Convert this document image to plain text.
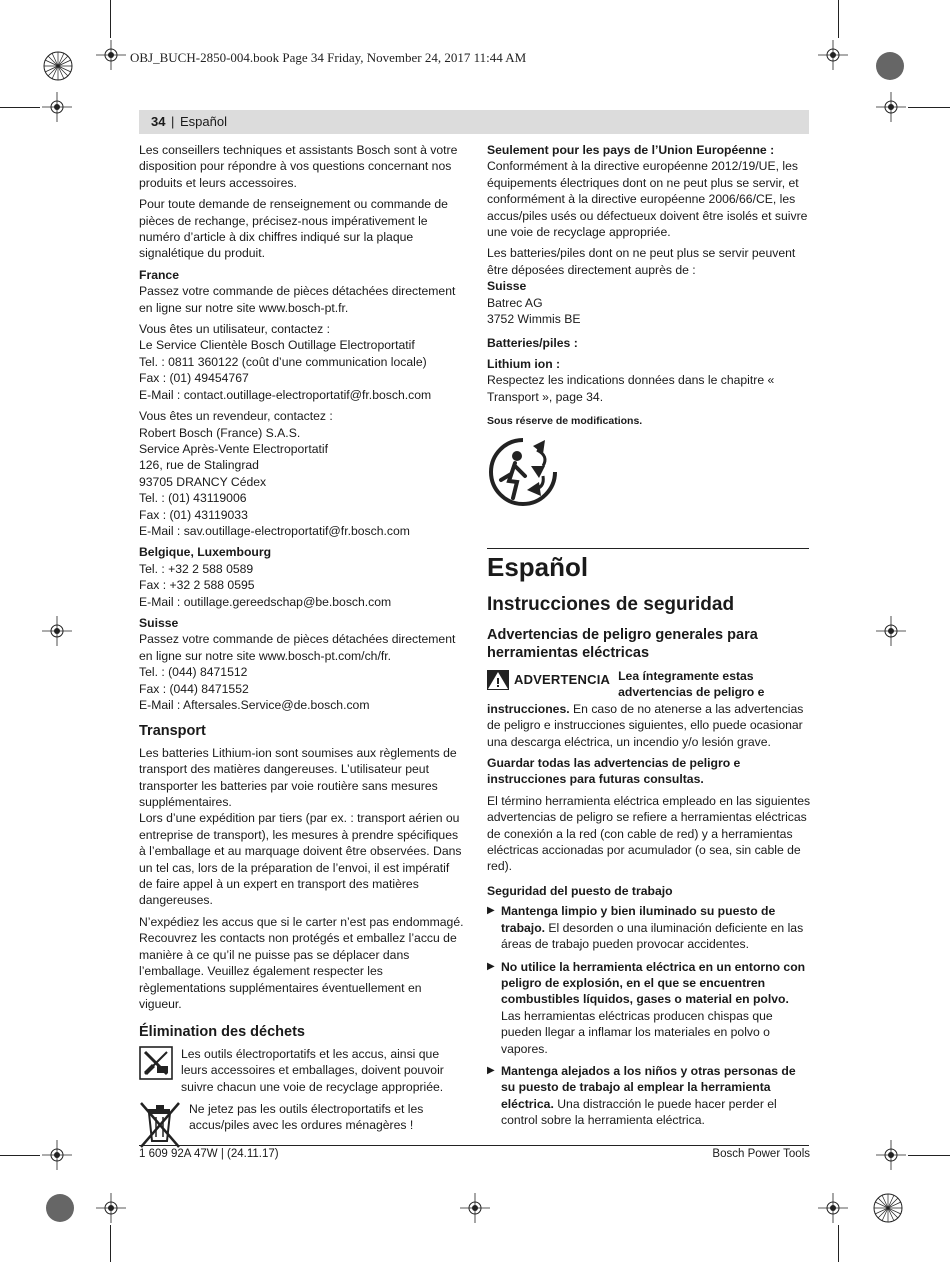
OBJ_BUCH-2850-004.book Page 34 Friday, November 24, 2017 11:44 AM
34 | Español

Les conseillers techniques et assistants Bosch sont à votre disposition pour répondre à vos questions concernant nos produits et leurs accessoires.

Pour toute demande de renseignement ou commande de pièces de rechange, précisez-nous impérativement le numéro d’article à dix chiffres indiqué sur la plaque signalétique du produit.

France

Passez votre commande de pièces détachées directement en ligne sur notre site www.bosch-pt.fr.

Vous êtes un utilisateur, contactez :
Le Service Clientèle Bosch Outillage Electroportatif
Tel. : 0811 360122 (coût d’une communication locale)
Fax : (01) 49454767
E-Mail : contact.outillage-electroportatif@fr.bosch.com

Vous êtes un revendeur, contactez :
Robert Bosch (France) S.A.S.
Service Après-Vente Electroportatif
126, rue de Stalingrad
93705 DRANCY Cédex
Tel. : (01) 43119006
Fax : (01) 43119033
E-Mail : sav.outillage-electroportatif@fr.bosch.com

Belgique, Luxembourg

Tel. : +32 2 588 0589
Fax : +32 2 588 0595
E-Mail : outillage.gereedschap@be.bosch.com

Suisse

Passez votre commande de pièces détachées directement en ligne sur notre site www.bosch-pt.com/ch/fr.
Tel. : (044) 8471512
Fax : (044) 8471552
E-Mail : Aftersales.Service@de.bosch.com

Transport

Les batteries Lithium-ion sont soumises aux règlements de transport des matières dangereuses. L’utilisateur peut transporter les batteries par voie routière sans mesures supplémentaires.

Lors d’une expédition par tiers (par ex. : transport aérien ou entreprise de transport), les mesures à prendre spécifiques à l’emballage et au marquage doivent être observées. Dans un tel cas, lors de la préparation de l’envoi, il est impératif de faire appel à un expert en transport des matières dangereuses.

N’expédiez les accus que si le carter n’est pas endommagé. Recouvrez les contacts non protégés et emballez l’accu de manière à ce qu’il ne puisse pas se déplacer dans l’emballage. Veuillez également respecter les règlementations supplémentaires éventuellement en vigueur.

Élimination des déchets
Les outils électroportatifs et les accus, ainsi que leurs accessoires et emballages, doivent pouvoir suivre chacun une voie de recyclage appropriée.
Ne jetez pas les outils électroportatifs et les accus/piles avec les ordures ménagères !
Seulement pour les pays de l’Union Européenne :

Conformément à la directive européenne 2012/19/UE, les équipements électriques dont on ne peut plus se servir, et conformément à la directive européenne 2006/66/CE, les accus/piles usés ou défectueux doivent être isolés et suivre une voie de recyclage appropriée.

Les batteries/piles dont on ne peut plus se servir peuvent être déposées directement auprès de :

Suisse

Batrec AG
3752 Wimmis BE

Batteries/piles :
Lithium ion :

Respectez les indications données dans le chapitre « Transport », page 34.

Sous réserve de modifications.
Español
Instrucciones de seguridad
Advertencias de peligro generales para herramientas eléctricas

ADVERTENCIA Lea íntegramente estas advertencias de peligro e instrucciones. En caso de no atenerse a las advertencias de peligro e instrucciones siguientes, ello puede ocasionar una descarga eléctrica, un incendio y/o lesión grave.

Guardar todas las advertencias de peligro e instrucciones para futuras consultas.

El término herramienta eléctrica empleado en las siguientes advertencias de peligro se refiere a herramientas eléctricas de conexión a la red (con cable de red) y a herramientas eléctricas accionadas por acumulador (o sea, sin cable de red).

Seguridad del puesto de trabajo
▶ Mantenga limpio y bien iluminado su puesto de trabajo. El desorden o una iluminación deficiente en las áreas de trabajo pueden provocar accidentes.
▶ No utilice la herramienta eléctrica en un entorno con peligro de explosión, en el que se encuentren combustibles líquidos, gases o material en polvo. Las herramientas eléctricas producen chispas que pueden llegar a inflamar los materiales en polvo o vapores.
▶ Mantenga alejados a los niños y otras personas de su puesto de trabajo al emplear la herramienta eléctrica. Una distracción le puede hacer perder el control sobre la herramienta eléctrica.
1 609 92A 47W | (24.11.17)	Bosch Power Tools
